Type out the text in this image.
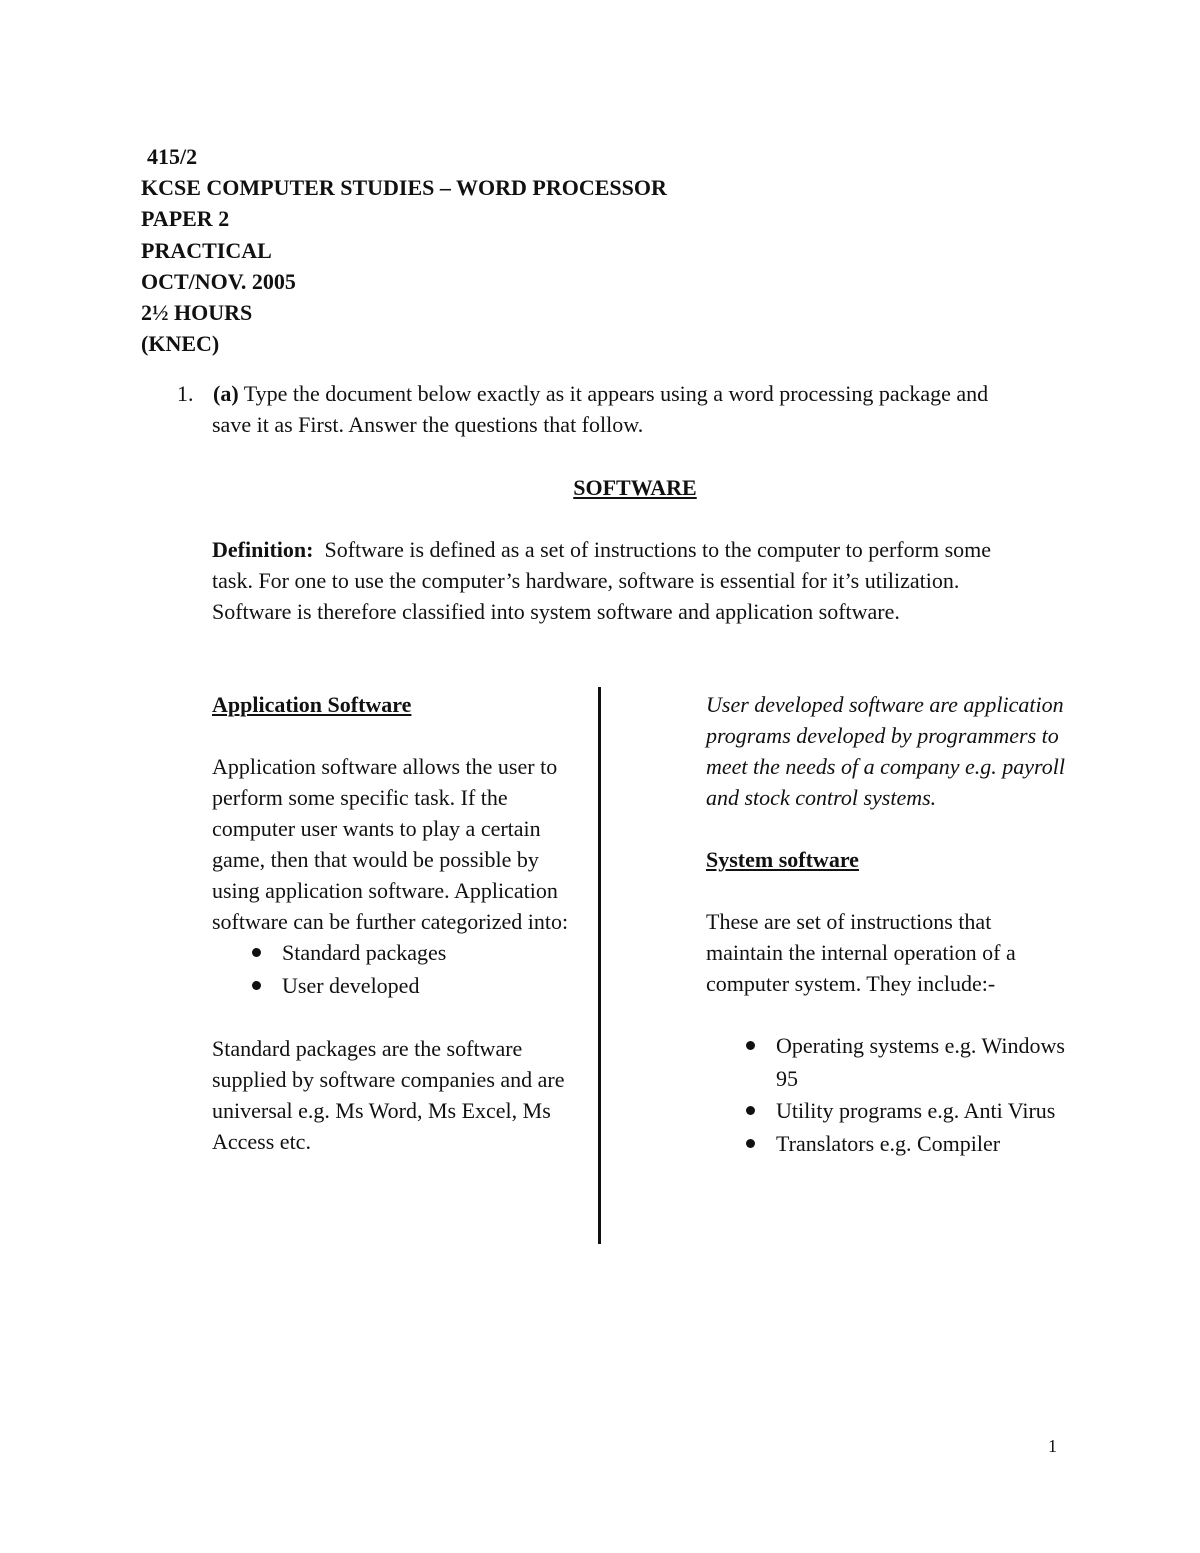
415/2
KCSE COMPUTER STUDIES – WORD PROCESSOR
PAPER 2
PRACTICAL
OCT/NOV. 2005
2½ HOURS
(KNEC)
1. (a) Type the document below exactly as it appears using a word processing package and
save it as First. Answer the questions that follow.
SOFTWARE
Definition: Software is defined as a set of instructions to the computer to perform some task. For one to use the computer’s hardware, software is essential for it’s utilization. Software is therefore classified into system software and application software.
Application Software
Application software allows the user to perform some specific task. If the computer user wants to play a certain game, then that would be possible by using application software. Application software can be further categorized into:
Standard packages
User developed
Standard packages are the software supplied by software companies and are universal e.g. Ms Word, Ms Excel, Ms Access etc.
User developed software are application programs developed by programmers to meet the needs of a company e.g. payroll and stock control systems.
System software
These are set of instructions that maintain the internal operation of a computer system. They include:-
Operating systems e.g. Windows 95
Utility programs e.g. Anti Virus
Translators e.g. Compiler
1
